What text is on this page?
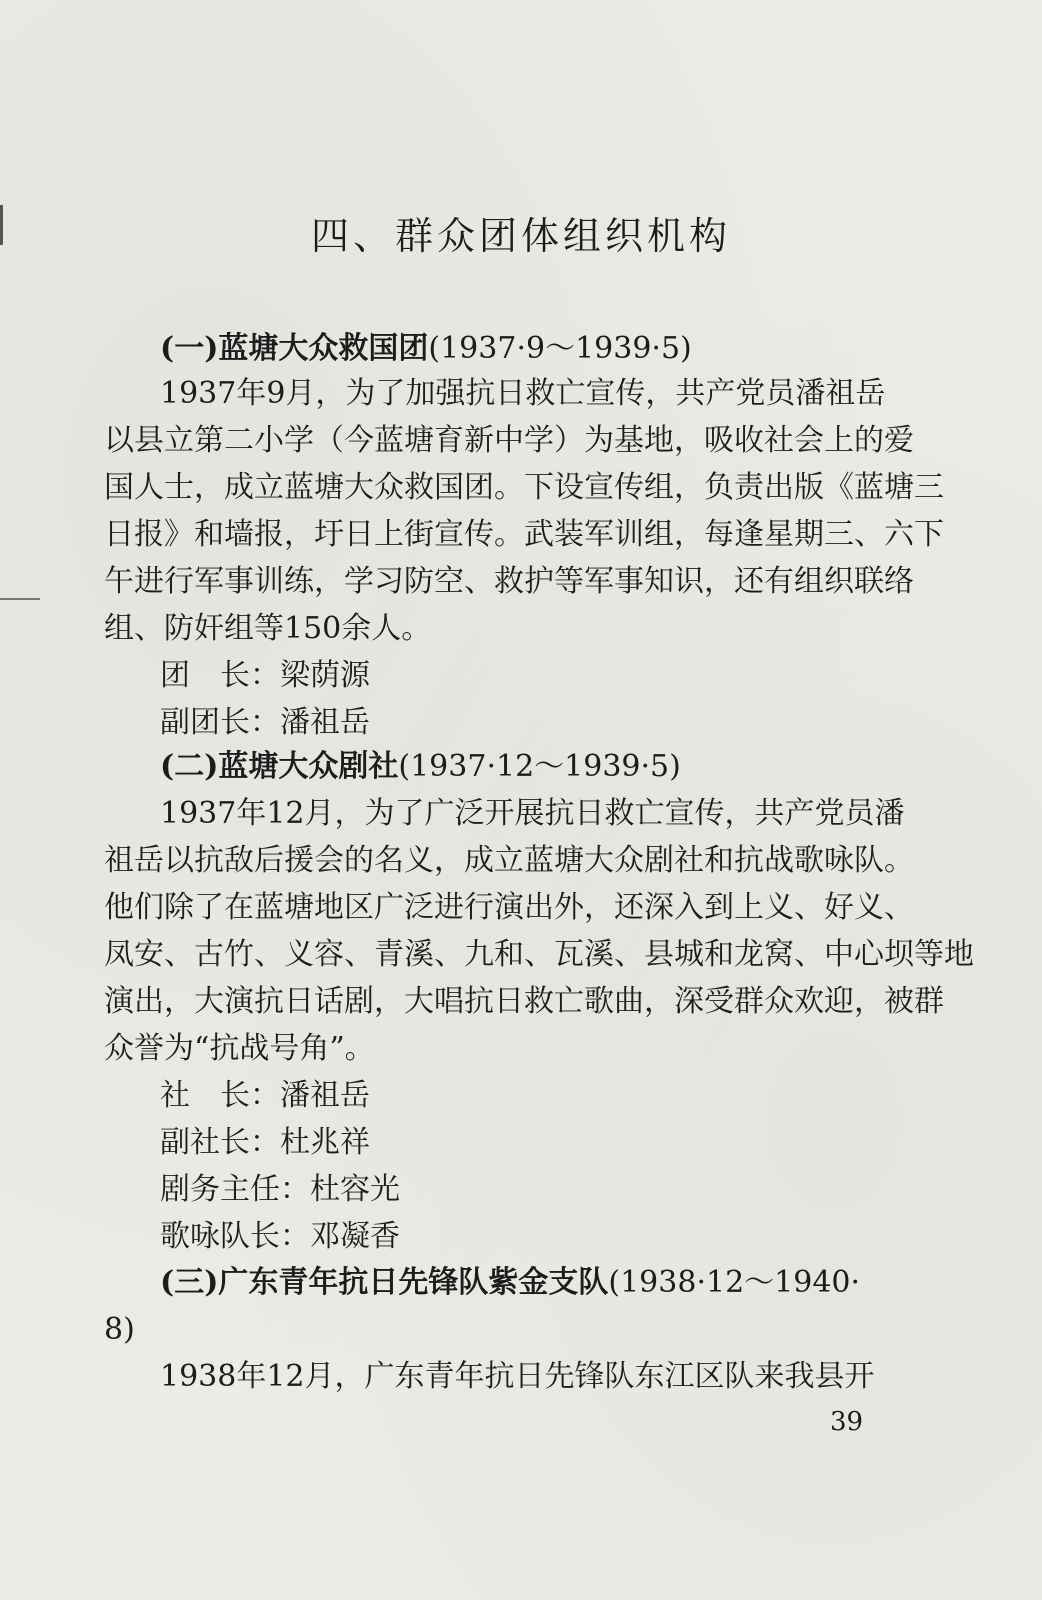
四、群众团体组织机构
(一)蓝塘大众救国团(1937·9～1939·5)
1937年9月，为了加强抗日救亡宣传，共产党员潘祖岳
以县立第二小学（今蓝塘育新中学）为基地，吸收社会上的爱
国人士，成立蓝塘大众救国团。下设宣传组，负责出版《蓝塘三
日报》和墙报，圩日上街宣传。武装军训组，每逢星期三、六下
午进行军事训练，学习防空、救护等军事知识，还有组织联络
组、防奸组等150余人。
团　长：梁荫源
副团长：潘祖岳
(二)蓝塘大众剧社(1937·12～1939·5)
1937年12月，为了广泛开展抗日救亡宣传，共产党员潘
祖岳以抗敌后援会的名义，成立蓝塘大众剧社和抗战歌咏队。
他们除了在蓝塘地区广泛进行演出外，还深入到上义、好义、
凤安、古竹、义容、青溪、九和、瓦溪、县城和龙窝、中心坝等地
演出，大演抗日话剧，大唱抗日救亡歌曲，深受群众欢迎，被群
众誉为“抗战号角”。
社　长：潘祖岳
副社长：杜兆祥
剧务主任：杜容光
歌咏队长：邓凝香
(三)广东青年抗日先锋队紫金支队(1938·12～1940·
8)
1938年12月，广东青年抗日先锋队东江区队来我县开
39
